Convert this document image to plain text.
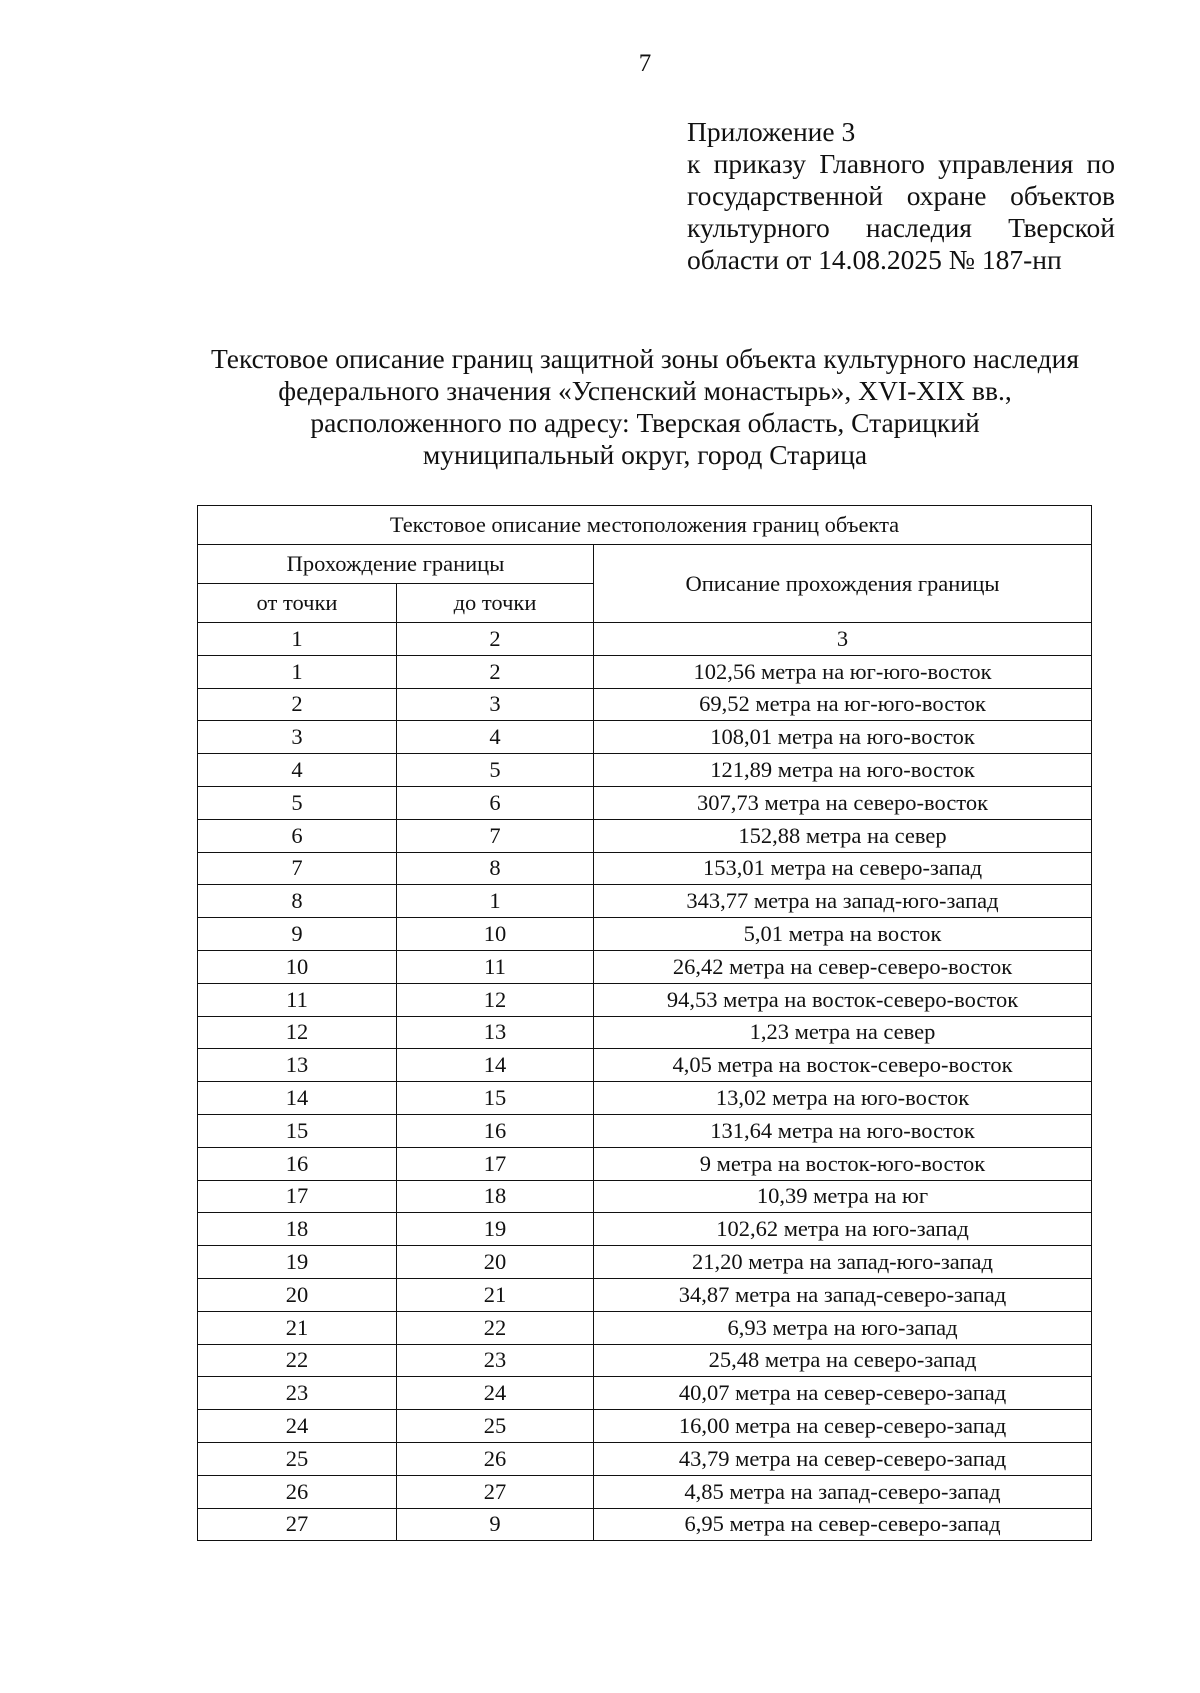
7
Приложение 3
к приказу Главного управления по
государственной охране объектов
культурного наследия Тверской
области от 14.08.2025 № 187-нп
Текстовое описание границ защитной зоны объекта культурного наследия
федерального значения «Успенский монастырь», XVI-XIX вв.,
расположенного по адресу: Тверская область, Старицкий
муниципальный округ, город Старица
Текстовое описание местоположения границ объекта		
Прохождение границы		Описание прохождения границы
от точки	до точки	
1	2	3
1	2	102,56 метра на юг-юго-восток
2	3	69,52 метра на юг-юго-восток
3	4	108,01 метра на юго-восток
4	5	121,89 метра на юго-восток
5	6	307,73 метра на северо-восток
6	7	152,88 метра на север
7	8	153,01 метра на северо-запад
8	1	343,77 метра на запад-юго-запад
9	10	5,01 метра на восток
10	11	26,42 метра на север-северо-восток
11	12	94,53 метра на восток-северо-восток
12	13	1,23 метра на север
13	14	4,05 метра на восток-северо-восток
14	15	13,02 метра на юго-восток
15	16	131,64 метра на юго-восток
16	17	9 метра на восток-юго-восток
17	18	10,39 метра на юг
18	19	102,62 метра на юго-запад
19	20	21,20 метра на запад-юго-запад
20	21	34,87 метра на запад-северо-запад
21	22	6,93 метра на юго-запад
22	23	25,48 метра на северо-запад
23	24	40,07 метра на север-северо-запад
24	25	16,00 метра на север-северо-запад
25	26	43,79 метра на север-северо-запад
26	27	4,85 метра на запад-северо-запад
27	9	6,95 метра на север-северо-запад
